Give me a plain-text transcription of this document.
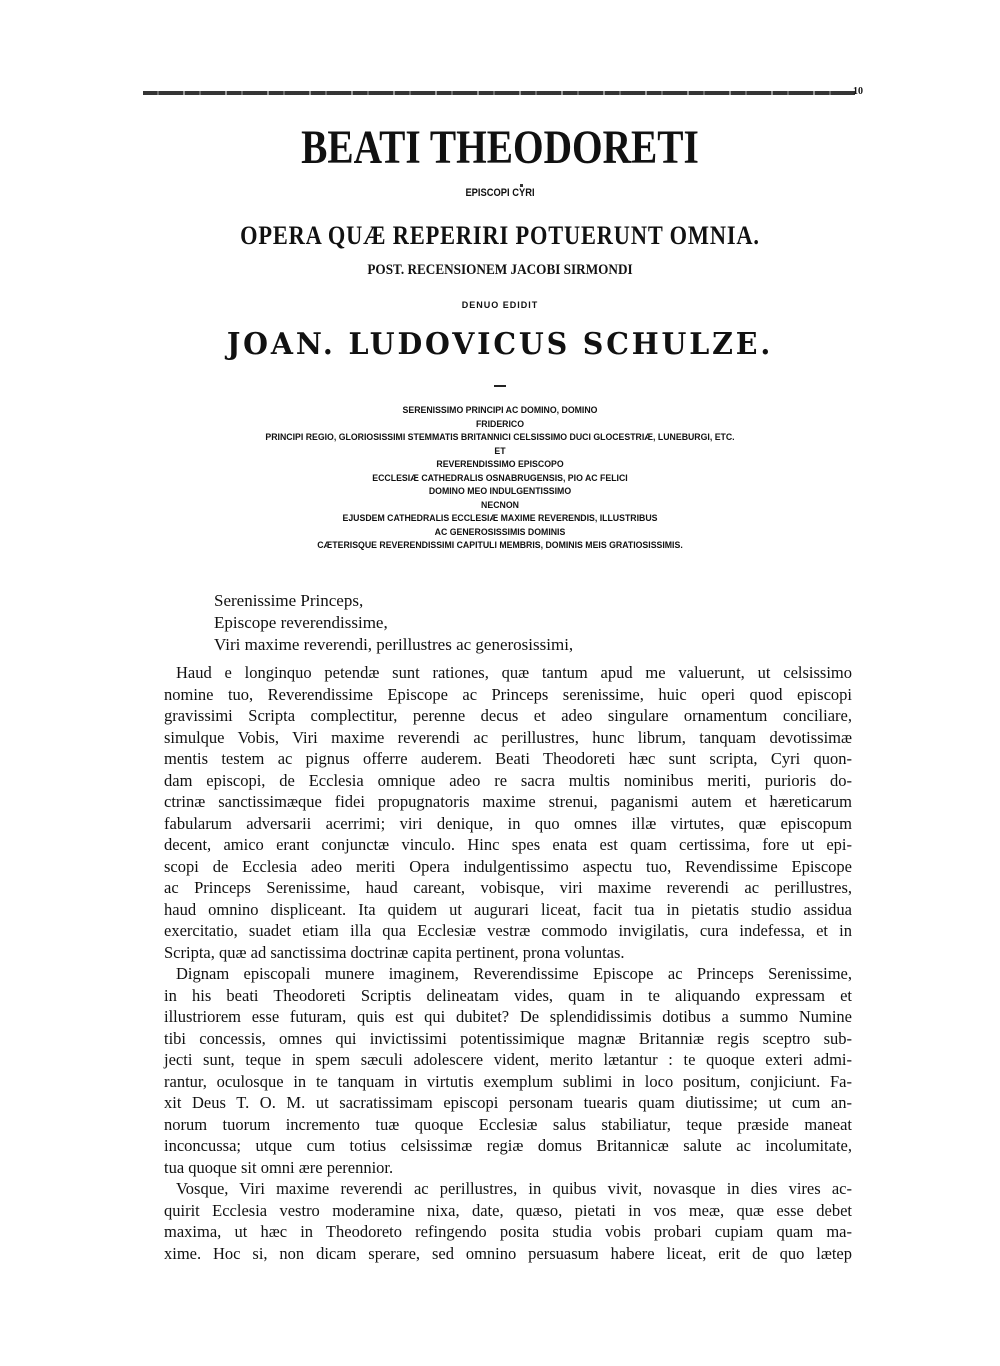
10
BEATI THEODORETI
EPISCOPI CYRI
OPERA QUÆ REPERIRI POTUERUNT OMNIA.
POST. RECENSIONEM JACOBI SIRMONDI
DENUO EDIDIT
JOAN. LUDOVICUS SCHULZE.
SERENISSIMO PRINCIPI AC DOMINO, DOMINO
FRIDERICO
PRINCIPI REGIO, GLORIOSISSIMI STEMMATIS BRITANNICI CELSISSIMO DUCI GLOCESTRIÆ, LUNEBURGI, ETC.
ET
REVERENDISSIMO EPISCOPO
ECCLESIÆ CATHEDRALIS OSNABRUGENSIS, PIO AC FELICI
DOMINO MEO INDULGENTISSIMO
NECNON
EJUSDEM CATHEDRALIS ECCLESIÆ MAXIME REVERENDIS, ILLUSTRIBUS
AC GENEROSISSIMIS DOMINIS
CÆTERISQUE REVERENDISSIMI CAPITULI MEMBRIS, DOMINIS MEIS GRATIOSISSIMIS.
Serenissime Princeps,
Episcope reverendissime,
Viri maxime reverendi, perillustres ac generosissimi,
Haud e longinquo petendæ sunt rationes, quæ tantum apud me valuerunt, ut celsissimo
nomine tuo, Reverendissime Episcope ac Princeps serenissime, huic operi quod episcopi
gravissimi Scripta complectitur, perenne decus et adeo singulare ornamentum conciliare,
simulque Vobis, Viri maxime reverendi ac perillustres, hunc librum, tanquam devotissimæ
mentis testem ac pignus offerre auderem. Beati Theodoreti hæc sunt scripta, Cyri quon-
dam episcopi, de Ecclesia omnique adeo re sacra multis nominibus meriti, purioris do-
ctrinæ sanctissimæque fidei propugnatoris maxime strenui, paganismi autem et hæreticarum
fabularum adversarii acerrimi; viri denique, in quo omnes illæ virtutes, quæ episcopum
decent, amico erant conjunctæ vinculo. Hinc spes enata est quam certissima, fore ut epi-
scopi de Ecclesia adeo meriti Opera indulgentissimo aspectu tuo, Revendissime Episcope
ac Princeps Serenissime, haud careant, vobisque, viri maxime reverendi ac perillustres,
haud omnino displiceant. Ita quidem ut augurari liceat, facit tua in pietatis studio assidua
exercitatio, suadet etiam illa qua Ecclesiæ vestræ commodo invigilatis, cura indefessa, et in
Scripta, quæ ad sanctissima doctrinæ capita pertinent, prona voluntas.
Dignam episcopali munere imaginem, Reverendissime Episcope ac Princeps Serenissime,
in his beati Theodoreti Scriptis delineatam vides, quam in te aliquando expressam et
illustriorem esse futuram, quis est qui dubitet? De splendidissimis dotibus a summo Numine
tibi concessis, omnes qui invictissimi potentissimique magnæ Britanniæ regis sceptro sub-
jecti sunt, teque in spem sæculi adolescere vident, merito lætantur : te quoque exteri admi-
rantur, oculosque in te tanquam in virtutis exemplum sublimi in loco positum, conjiciunt. Fa-
xit Deus T. O. M. ut sacratissimam episcopi personam tuearis quam diutissime; ut cum an-
norum tuorum incremento tuæ quoque Ecclesiæ salus stabiliatur, teque præside maneat
inconcussa; utque cum totius celsissimæ regiæ domus Britannicæ salute ac incolumitate,
tua quoque sit omni ære perennior.
Vosque, Viri maxime reverendi ac perillustres, in quibus vivit, novasque in dies vires ac-
quirit Ecclesia vestro moderamine nixa, date, quæso, pietati in vos meæ, quæ esse debet
maxima, ut hæc in Theodoreto refingendo posita studia vobis probari cupiam quam ma-
xime. Hoc si, non dicam sperare, sed omnino persuasum habere liceat, erit de quo lætер
